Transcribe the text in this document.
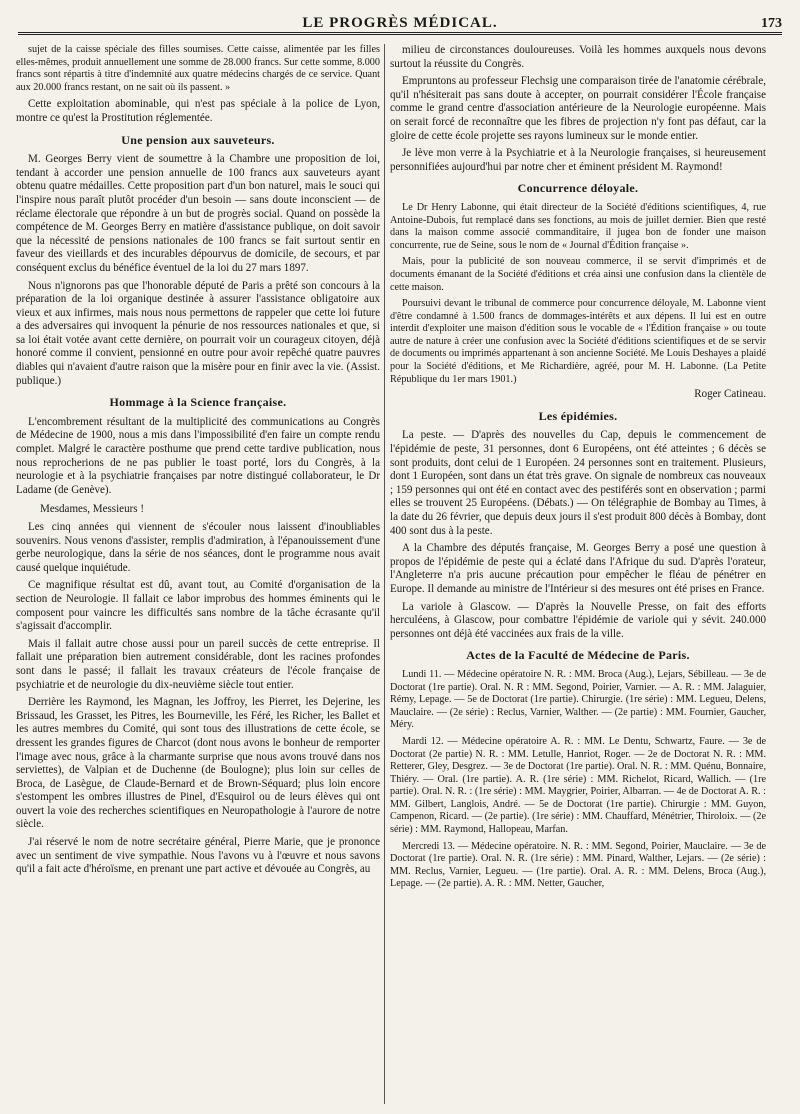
LE PROGRÈS MÉDICAL.	173

sujet de la caisse spéciale des filles soumises. Cette caisse, alimentée par les filles elles-mêmes, produit annuellement une somme de 28.000 francs. Sur cette somme, 8.000 francs sont répartis à titre d'indemnité aux quatre médecins chargés de ce service. Quant aux 20.000 francs restant, on ne sait où ils passent. »

Cette exploitation abominable, qui n'est pas spéciale à la police de Lyon, montre ce qu'est la Prostitution réglementée.

Une pension aux sauveteurs.

M. Georges Berry vient de soumettre à la Chambre une proposition de loi, tendant à accorder une pension annuelle de 100 francs aux sauveteurs ayant obtenu quatre médailles. Cette proposition part d'un bon naturel, mais le souci qui l'inspire nous paraît plutôt procéder d'un besoin — sans doute inconscient — de réclame électorale que répondre à un but de progrès social. Quand on possède la compétence de M. Georges Berry en matière d'assistance publique, on doit savoir que la nécessité de pensions nationales de 100 francs se fait surtout sentir en faveur des vieillards et des incurables dépourvus de domicile, de secours, et par conséquent exclus du bénéfice éventuel de la loi du 27 mars 1897.

Nous n'ignorons pas que l'honorable député de Paris a prêté son concours à la préparation de la loi organique destinée à assurer l'assistance obligatoire aux vieux et aux infirmes, mais nous nous permettons de rappeler que cette loi future a des adversaires qui invoquent la pénurie de nos ressources nationales et que, si sa loi était votée avant cette dernière, on pourrait voir un courageux citoyen, déjà honoré comme il convient, pensionné en outre pour avoir repêché quatre pauvres diables qui n'avaient d'autre raison que la misère pour en finir avec la vie. (Assist. publique.)

Hommage à la Science française.

L'encombrement résultant de la multiplicité des communications au Congrès de Médecine de 1900, nous a mis dans l'impossibilité d'en faire un compte rendu complet. Malgré le caractère posthume que prend cette tardive publication, nous nous reprocherions de ne pas publier le toast porté, lors du Congrès, à la neurologie et à la psychiatrie françaises par notre distingué collaborateur, le Dr Ladame (de Genève).

Mesdames, Messieurs !

Les cinq années qui viennent de s'écouler nous laissent d'inoubliables souvenirs. Nous venons d'assister, remplis d'admiration, à l'épanouissement d'une gerbe neurologique, dans la série de nos séances, dont le programme nous avait causé quelque inquiétude.

Ce magnifique résultat est dû, avant tout, au Comité d'organisation de la section de Neurologie. Il fallait ce labor improbus des hommes éminents qui le composent pour vaincre les difficultés sans nombre de la tâche écrasante qu'il s'agissait d'accomplir.

Mais il fallait autre chose aussi pour un pareil succès de cette entreprise. Il fallait une préparation bien autrement considérable, dont les racines profondes sont dans le passé; il fallait les travaux créateurs de l'école française de psychiatrie et de neurologie du dix-neuvième siècle tout entier.

Derrière les Raymond, les Magnan, les Joffroy, les Pierret, les Dejerine, les Brissaud, les Grasset, les Pitres, les Bourneville, les Féré, les Richer, les Ballet et les autres membres du Comité, qui sont tous des illustrations de cette école, se dressent les grandes figures de Charcot (dont nous avons le bonheur de remporter l'image avec nous, grâce à la charmante surprise que nous avons trouvé dans nos serviettes), de Valpian et de Duchenne (de Boulogne); plus loin sur celles de Broca, de Lasègue, de Claude-Bernard et de Brown-Séquard; plus loin encore s'estompent les ombres illustres de Pinel, d'Esquirol ou de leurs élèves qui ont ouvert la voie des recherches scientifiques en Neuropathologie à l'aurore de notre siècle.

J'ai réservé le nom de notre secrétaire général, Pierre Marie, que je prononce avec un sentiment de vive sympathie. Nous l'avons vu à l'œuvre et nous savons qu'il a fait acte d'héroïsme, en prenant une part active et dévouée au Congrès, au

milieu de circonstances douloureuses. Voilà les hommes auxquels nous devons surtout la réussite du Congrès.

Empruntons au professeur Flechsig une comparaison tirée de l'anatomie cérébrale, qu'il n'hésiterait pas sans doute à accepter, on pourrait considérer l'École française comme le grand centre d'association antérieure de la Neurologie européenne. Mais on serait forcé de reconnaître que les fibres de projection n'y font pas défaut, car la gloire de cette école projette ses rayons lumineux sur le monde entier.

Je lève mon verre à la Psychiatrie et à la Neurologie françaises, si heureusement personnifiées aujourd'hui par notre cher et éminent président M. Raymond!

Concurrence déloyale.

Le Dr Henry Labonne, qui était directeur de la Société d'éditions scientifiques, 4, rue Antoine-Dubois, fut remplacé dans ses fonctions, au mois de juillet dernier. Bien que resté dans la maison comme associé commanditaire, il jugea bon de fonder une maison concurrente, rue de Seine, sous le nom de « Journal d'Édition française ».

Mais, pour la publicité de son nouveau commerce, il se servit d'imprimés et de documents émanant de la Société d'éditions et créa ainsi une confusion dans la clientèle de cette maison.

Poursuivi devant le tribunal de commerce pour concurrence déloyale, M. Labonne vient d'être condamné à 1.500 francs de dommages-intérêts et aux dépens. Il lui est en outre interdit d'exploiter une maison d'édition sous le vocable de « l'Édition française » ou toute autre de nature à créer une confusion avec la Société d'éditions scientifiques et de se servir de documents ou imprimés appartenant à son ancienne Société. Me Louis Deshayes a plaidé pour la Société d'éditions, et Me Richardière, agréé, pour M. H. Labonne. (La Petite République du 1er mars 1901.)

Roger Catineau.

Les épidémies.

La peste. — D'après des nouvelles du Cap, depuis le commencement de l'épidémie de peste, 31 personnes, dont 6 Européens, ont été atteintes ; 6 décès se sont produits, dont celui de 1 Européen. 24 personnes sont en traitement. Plusieurs, dont 1 Européen, sont dans un état très grave. On signale de nombreux cas nouveaux ; 159 personnes qui ont été en contact avec des pestiférés sont en observation ; parmi elles se trouvent 25 Européens. (Débats.) — On télégraphie de Bombay au Times, à la date du 26 février, que depuis deux jours il s'est produit 800 décès à Bombay, dont 400 sont dus à la peste.

A la Chambre des députés française, M. Georges Berry a posé une question à propos de l'épidémie de peste qui a éclaté dans l'Afrique du sud. D'après l'orateur, l'Angleterre n'a pris aucune précaution pour empêcher le fléau de pénétrer en Europe. Il demande au ministre de l'Intérieur si des mesures ont été prises en France.

La variole à Glascow. — D'après la Nouvelle Presse, on fait des efforts herculéens, à Glascow, pour combattre l'épidémie de variole qui y sévit. 240.000 personnes ont déjà été vaccinées aux frais de la ville.

Actes de la Faculté de Médecine de Paris.

Lundi 11. — Médecine opératoire N. R. : MM. Broca (Aug.), Lejars, Sébilleau. — 3e de Doctorat (1re partie). Oral. N. R : MM. Segond, Poirier, Varnier. — A. R. : MM. Jalaguier, Rémy, Lepage. — 5e de Doctorat (1re partie). Chirurgie. (1re série) : MM. Legueu, Delens, Mauclaire. — (2e série) : Reclus, Varnier, Walther. — (2e partie) : MM. Fournier, Gaucher, Méry.

Mardi 12. — Médecine opératoire A. R. : MM. Le Dentu, Schwartz, Faure. — 3e de Doctorat (2e partie) N. R. : MM. Letulle, Hanriot, Roger. — 2e de Doctorat N. R. : MM. Retterer, Gley, Desgrez. — 3e de Doctorat (1re partie). Oral. N. R. : MM. Quénu, Bonnaire, Thiéry. — Oral. (1re partie). A. R. (1re série) : MM. Richelot, Ricard, Wallich. — (1re partie). Oral. N. R. : (1re série) : MM. Maygrier, Poirier, Albarran. — 4e de Doctorat A. R. : MM. Gilbert, Langlois, André. — 5e de Doctorat (1re partie). Chirurgie : MM. Guyon, Campenon, Ricard. — (2e partie). (1re série) : MM. Chauffard, Ménétrier, Thiroloix. — (2e série) : MM. Raymond, Hallopeau, Marfan.

Mercredi 13. — Médecine opératoire. N. R. : MM. Segond, Poirier, Mauclaire. — 3e de Doctorat (1re partie). Oral. N. R. (1re série) : MM. Pinard, Walther, Lejars. — (2e série) : MM. Reclus, Varnier, Legueu. — (1re partie). Oral. A. R. : MM. Delens, Broca (Aug.), Lepage. — (2e partie). A. R. : MM. Netter, Gaucher,
